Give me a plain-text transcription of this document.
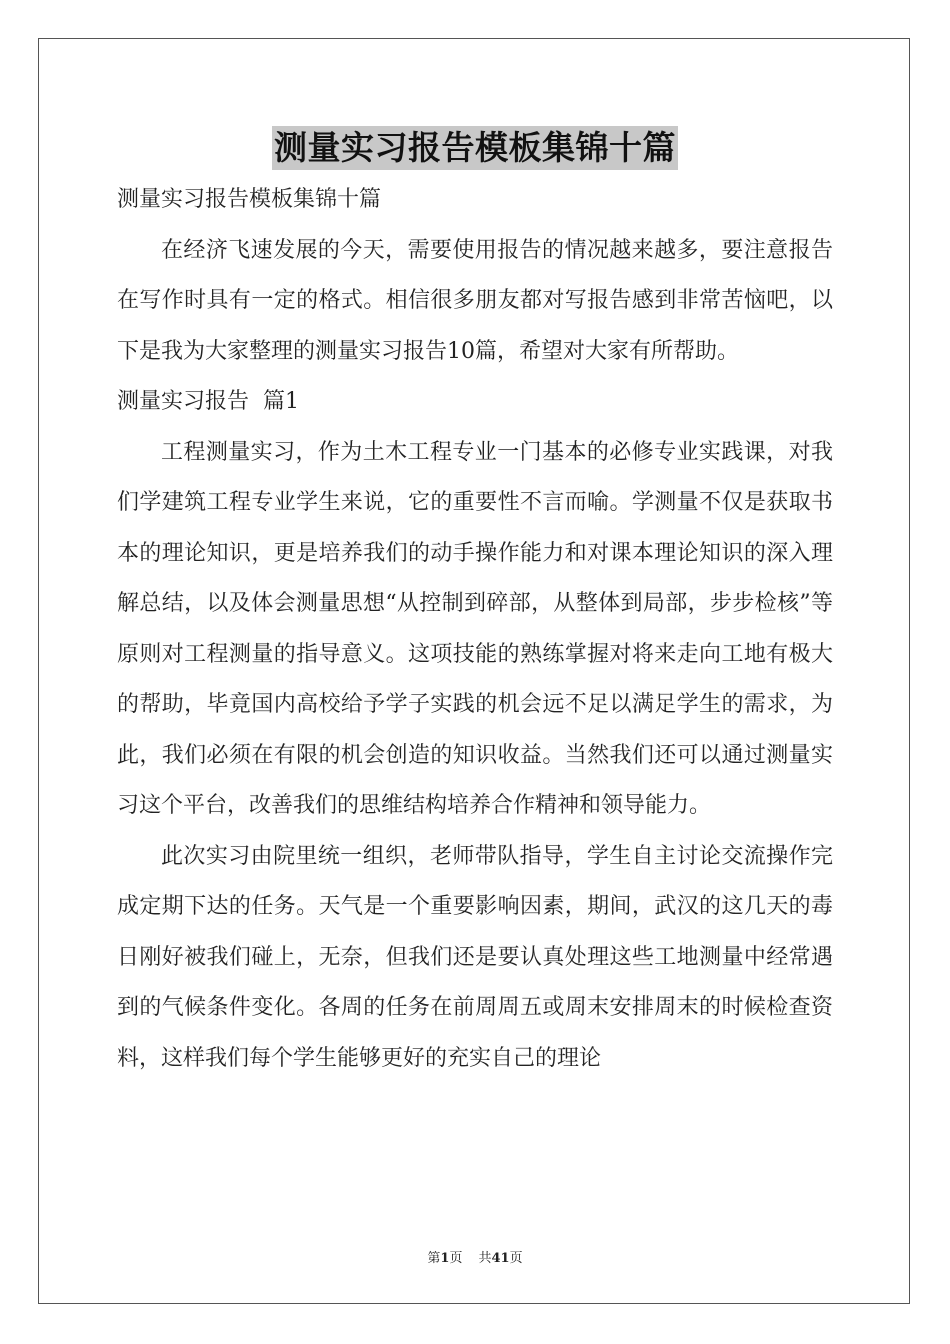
测量实习报告模板集锦十篇

测量实习报告模板集锦十篇

在经济飞速发展的今天，需要使用报告的情况越来越多，要注意报告在写作时具有一定的格式。相信很多朋友都对写报告感到非常苦恼吧，以下是我为大家整理的测量实习报告10篇，希望对大家有所帮助。

测量实习报告  篇1

工程测量实习，作为土木工程专业一门基本的必修专业实践课，对我们学建筑工程专业学生来说，它的重要性不言而喻。学测量不仅是获取书本的理论知识，更是培养我们的动手操作能力和对课本理论知识的深入理解总结，以及体会测量思想“从控制到碎部，从整体到局部，步步检核”等原则对工程测量的指导意义。这项技能的熟练掌握对将来走向工地有极大的帮助，毕竟国内高校给予学子实践的机会远不足以满足学生的需求，为此，我们必须在有限的机会创造的知识收益。当然我们还可以通过测量实习这个平台，改善我们的思维结构培养合作精神和领导能力。

此次实习由院里统一组织，老师带队指导，学生自主讨论交流操作完成定期下达的任务。天气是一个重要影响因素，期间，武汉的这几天的毒日刚好被我们碰上，无奈，但我们还是要认真处理这些工地测量中经常遇到的气候条件变化。各周的任务在前周周五或周末安排周末的时候检查资料，这样我们每个学生能够更好的充实自己的理论

第1页 共41页
